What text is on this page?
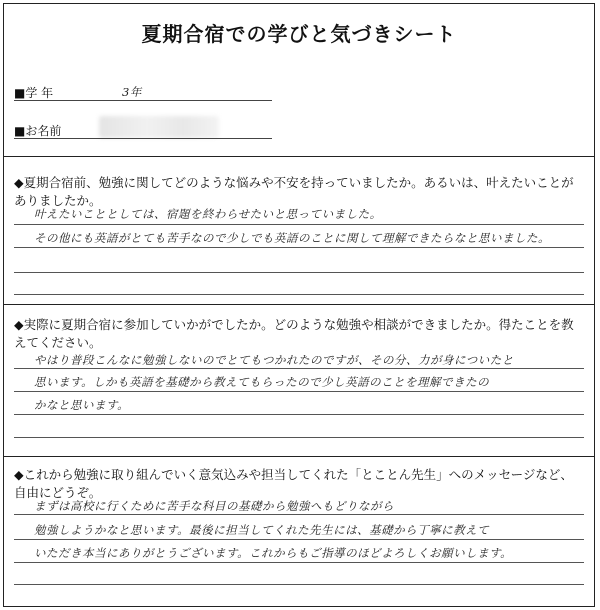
夏期合宿での学びと気づきシート
■学 年	3年
■お名前
◆夏期合宿前、勉強に関してどのような悩みや不安を持っていましたか。あるいは、叶えたいことがありましたか。
叶えたいこととしては、宿題を終わらせたいと思っていました。
その他にも英語がとても苦手なので少しでも英語のことに関して理解できたらなと思いました。
◆実際に夏期合宿に参加していかがでしたか。どのような勉強や相談ができましたか。得たことを教えてください。
やはり普段こんなに勉強しないのでとてもつかれたのですが、その分、力が身についたと
思います。しかも英語を基礎から教えてもらったので少し英語のことを理解できたの
かなと思います。
◆これから勉強に取り組んでいく意気込みや担当してくれた「とことん先生」へのメッセージなど、自由にどうぞ。
まずは高校に行くために苦手な科目の基礎から勉強へもどりながら
勉強しようかなと思います。最後に担当してくれた先生には、基礎から丁寧に教えて
いただき本当にありがとうございます。これからもご指導のほどよろしくお願いします。
